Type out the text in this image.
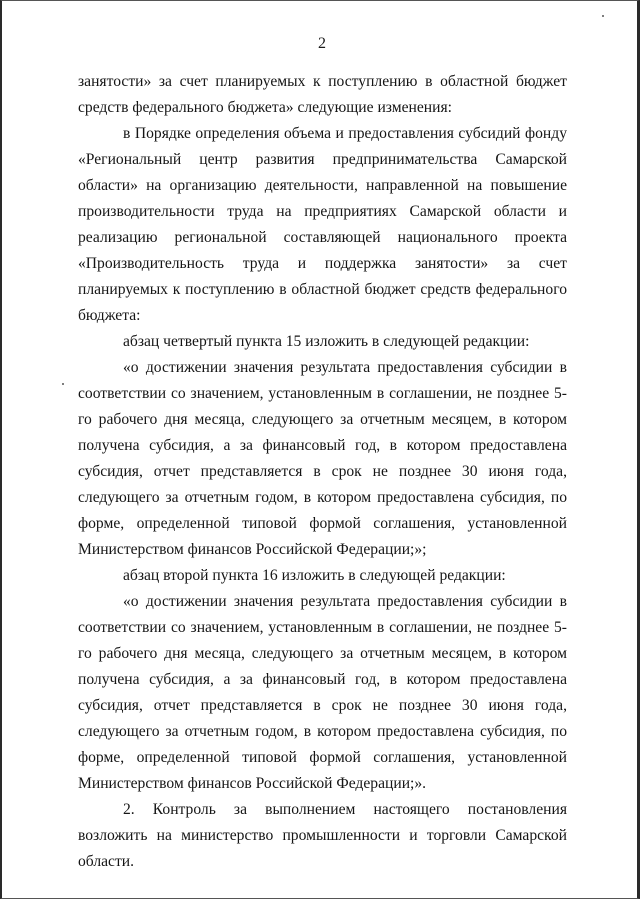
2

занятости» за счет планируемых к поступлению в областной бюджет средств федерального бюджета» следующие изменения:

в Порядке определения объема и предоставления субсидий фонду «Региональный центр развития предпринимательства Самарской области» на организацию деятельности, направленной на повышение производительности труда на предприятиях Самарской области и реализацию региональной составляющей национального проекта «Производительность труда и поддержка занятости» за счет планируемых к поступлению в областной бюджет средств федерального бюджета:

абзац четвертый пункта 15 изложить в следующей редакции:

«о достижении значения результата предоставления субсидии в соответствии со значением, установленным в соглашении, не позднее 5-го рабочего дня месяца, следующего за отчетным месяцем, в котором получена субсидия, а за финансовый год, в котором предоставлена субсидия, отчет представляется в срок не позднее 30 июня года, следующего за отчетным годом, в котором предоставлена субсидия, по форме, определенной типовой формой соглашения, установленной Министерством финансов Российской Федерации;»;

абзац второй пункта 16 изложить в следующей редакции:

«о достижении значения результата предоставления субсидии в соответствии со значением, установленным в соглашении, не позднее 5-го рабочего дня месяца, следующего за отчетным месяцем, в котором получена субсидия, а за финансовый год, в котором предоставлена субсидия, отчет представляется в срок не позднее 30 июня года, следующего за отчетным годом, в котором предоставлена субсидия, по форме, определенной типовой формой соглашения, установленной Министерством финансов Российской Федерации;».

2. Контроль за выполнением настоящего постановления возложить на министерство промышленности и торговли Самарской области.
